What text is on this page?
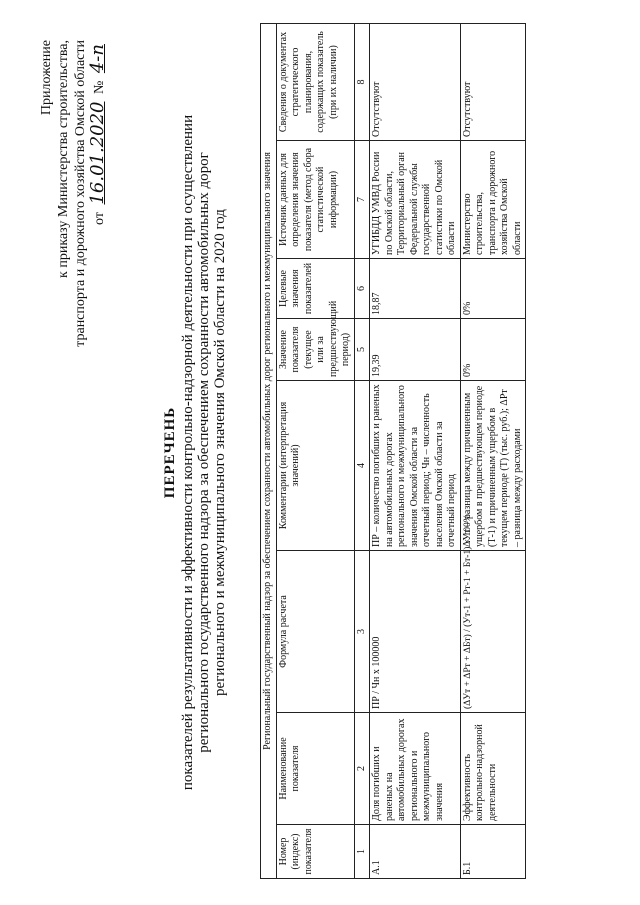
Приложение к приказу Министерства строительства, транспорта и дорожного хозяйства Омской области от 16.01.2020 № 4-п
ПЕРЕЧЕНЬ показателей результативности и эффективности контрольно-надзорной деятельности при осуществлении регионального государственного надзора за обеспечением сохранности автомобильных дорог регионального и межмуниципального значения Омской области на 2020 год	Региональный государственный надзор за обеспечением сохранности автомобильных дорог регионального и межмуниципального значения							
Номер (индекс) показателя	Наименование показателя	Формула расчета	Комментарии (интерпретация значений)	Значение показателя (текущее или за предшествующий период)	Целевые значения показателей	Источник данных для определения значения показателя (метод сбора статистической информации)	Сведения о документах стратегического планирования, содержащих показатель (при их наличии)
1	2	3	4	5	6	7	8
А.1	Доля погибших и раненых на автомобильных дорогах регионального и межмуниципального значения	ПР / Чн х 100000	ПР – количество погибших и раненых на автомобильных дорогах регионального и межмуниципального значения Омской области за отчетный период; Чн – численность населения Омской области за отчетный период	19,39	18,87	УГИБДД УМВД России по Омской области, Территориальный орган Федеральной службы государственной статистики по Омской области	Отсутствуют
Б.1	Эффективность контрольно-надзорной деятельности	(ΔУт + ΔРт + ΔБт) / (Ут-1 + Рт-1 + Бт-1) × 100%	ΔУт – разница между причиненным ущербом в предшествующем периоде (Т-1) и причиненным ущербом в текущем периоде (Т) (тыс. руб.); ΔРт – разница между расходами	0%	0%	Министерство строительства, транспорта и дорожного хозяйства Омской области	Отсутствуют
